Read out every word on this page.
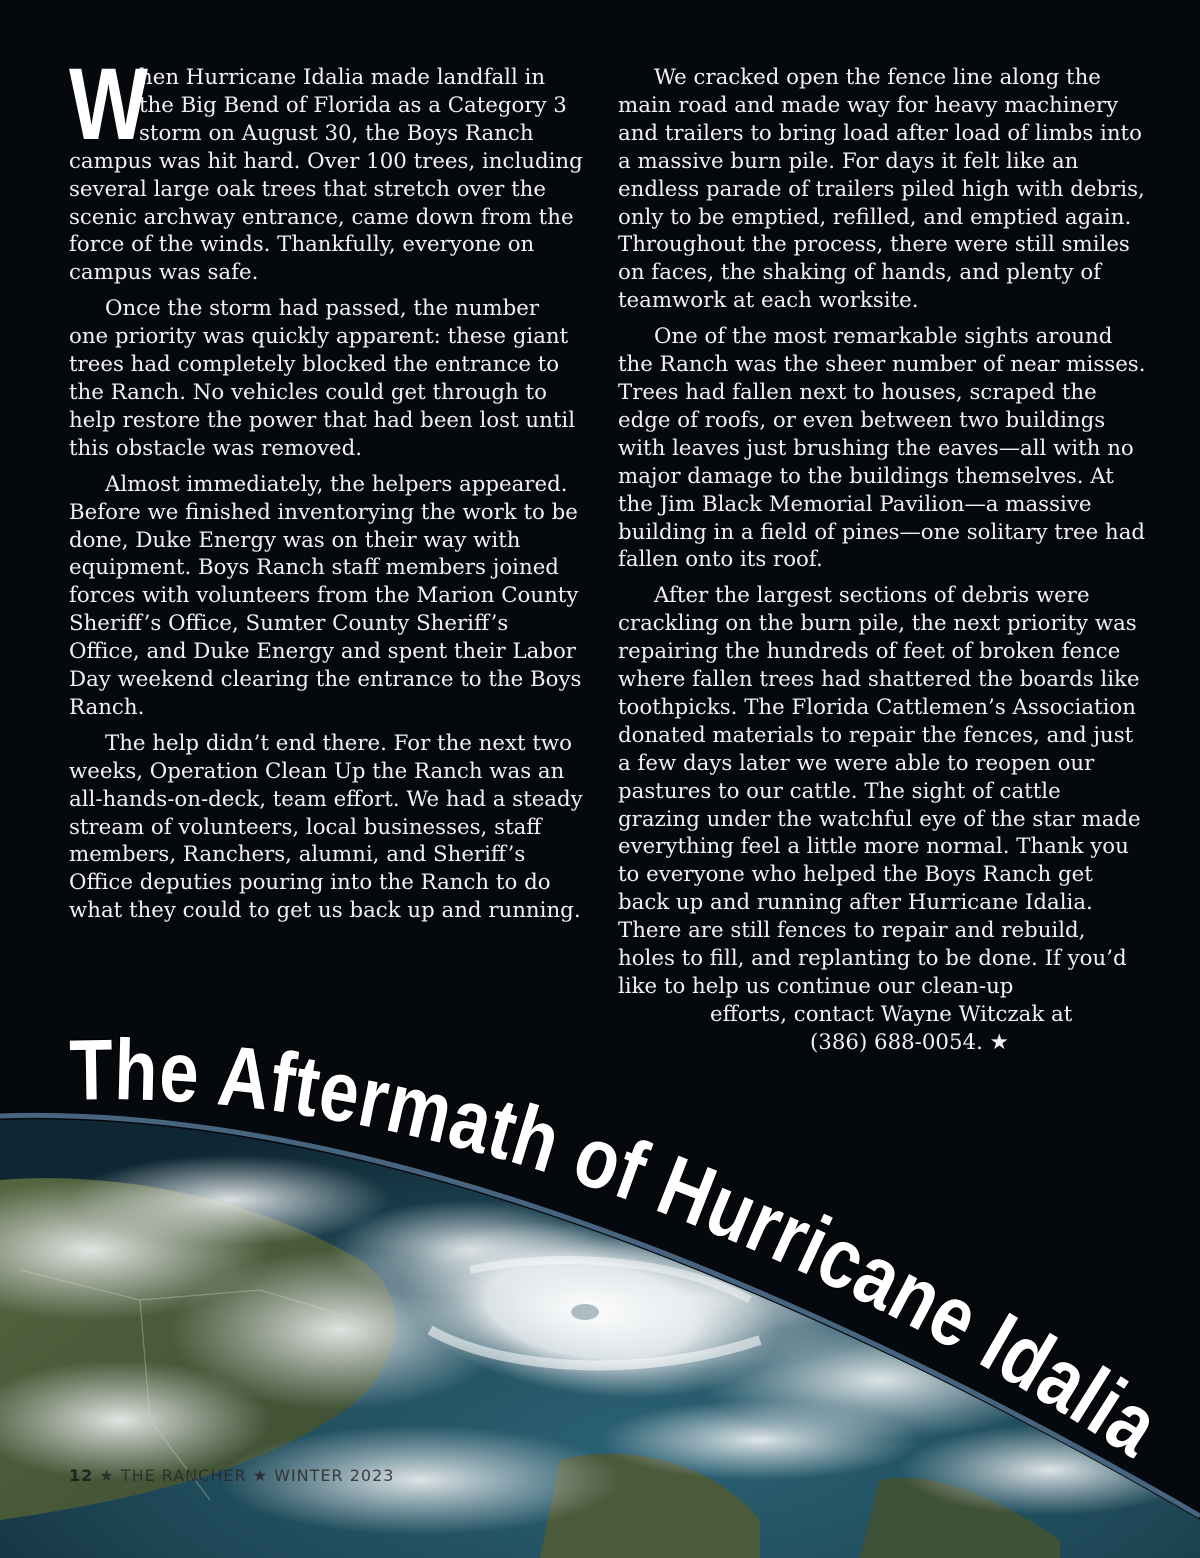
W
hen Hurricane Idalia made landfall in the Big Bend of Florida as a Category 3 storm on August 30, the Boys Ranch campus was hit hard. Over 100 trees, including several large oak trees that stretch over the scenic archway entrance, came down from the force of the winds. Thankfully, everyone on campus was safe.

Once the storm had passed, the number one priority was quickly apparent: these giant trees had completely blocked the entrance to the Ranch. No vehicles could get through to help restore the power that had been lost until this obstacle was removed.

Almost immediately, the helpers appeared. Before we finished inventorying the work to be done, Duke Energy was on their way with equipment. Boys Ranch staff members joined forces with volunteers from the Marion County Sheriff’s Office, Sumter County Sheriff’s Office, and Duke Energy and spent their Labor Day weekend clearing the entrance to the Boys Ranch.

The help didn’t end there. For the next two weeks, Operation Clean Up the Ranch was an all-hands-on-deck, team effort. We had a steady stream of volunteers, local businesses, staff members, Ranchers, alumni, and Sheriff’s Office deputies pouring into the Ranch to do what they could to get us back up and running.

We cracked open the fence line along the main road and made way for heavy machinery and trailers to bring load after load of limbs into a massive burn pile. For days it felt like an endless parade of trailers piled high with debris, only to be emptied, refilled, and emptied again. Throughout the process, there were still smiles on faces, the shaking of hands, and plenty of teamwork at each worksite.

One of the most remarkable sights around the Ranch was the sheer number of near misses. Trees had fallen next to houses, scraped the edge of roofs, or even between two buildings with leaves just brushing the eaves—all with no major damage to the buildings themselves. At the Jim Black Memorial Pavilion—a massive building in a field of pines—one solitary tree had fallen onto its roof.

After the largest sections of debris were crackling on the burn pile, the next priority was repairing the hundreds of feet of broken fence where fallen trees had shattered the boards like toothpicks. The Florida Cattlemen’s Association donated materials to repair the fences, and just a few days later we were able to reopen our pastures to our cattle. The sight of cattle grazing under the watchful eye of the star made everything feel a little more normal. Thank you to everyone who helped the Boys Ranch get back up and running after Hurricane Idalia. There are still fences to repair and rebuild, holes to fill, and replanting to be done. If you’d like to help us continue our clean-up

efforts, contact Wayne Witczak at
(386) 688-0054. ★
The Aftermath of Hurricane Idalia
12 ★ THE RANCHER ★ WINTER 2023
